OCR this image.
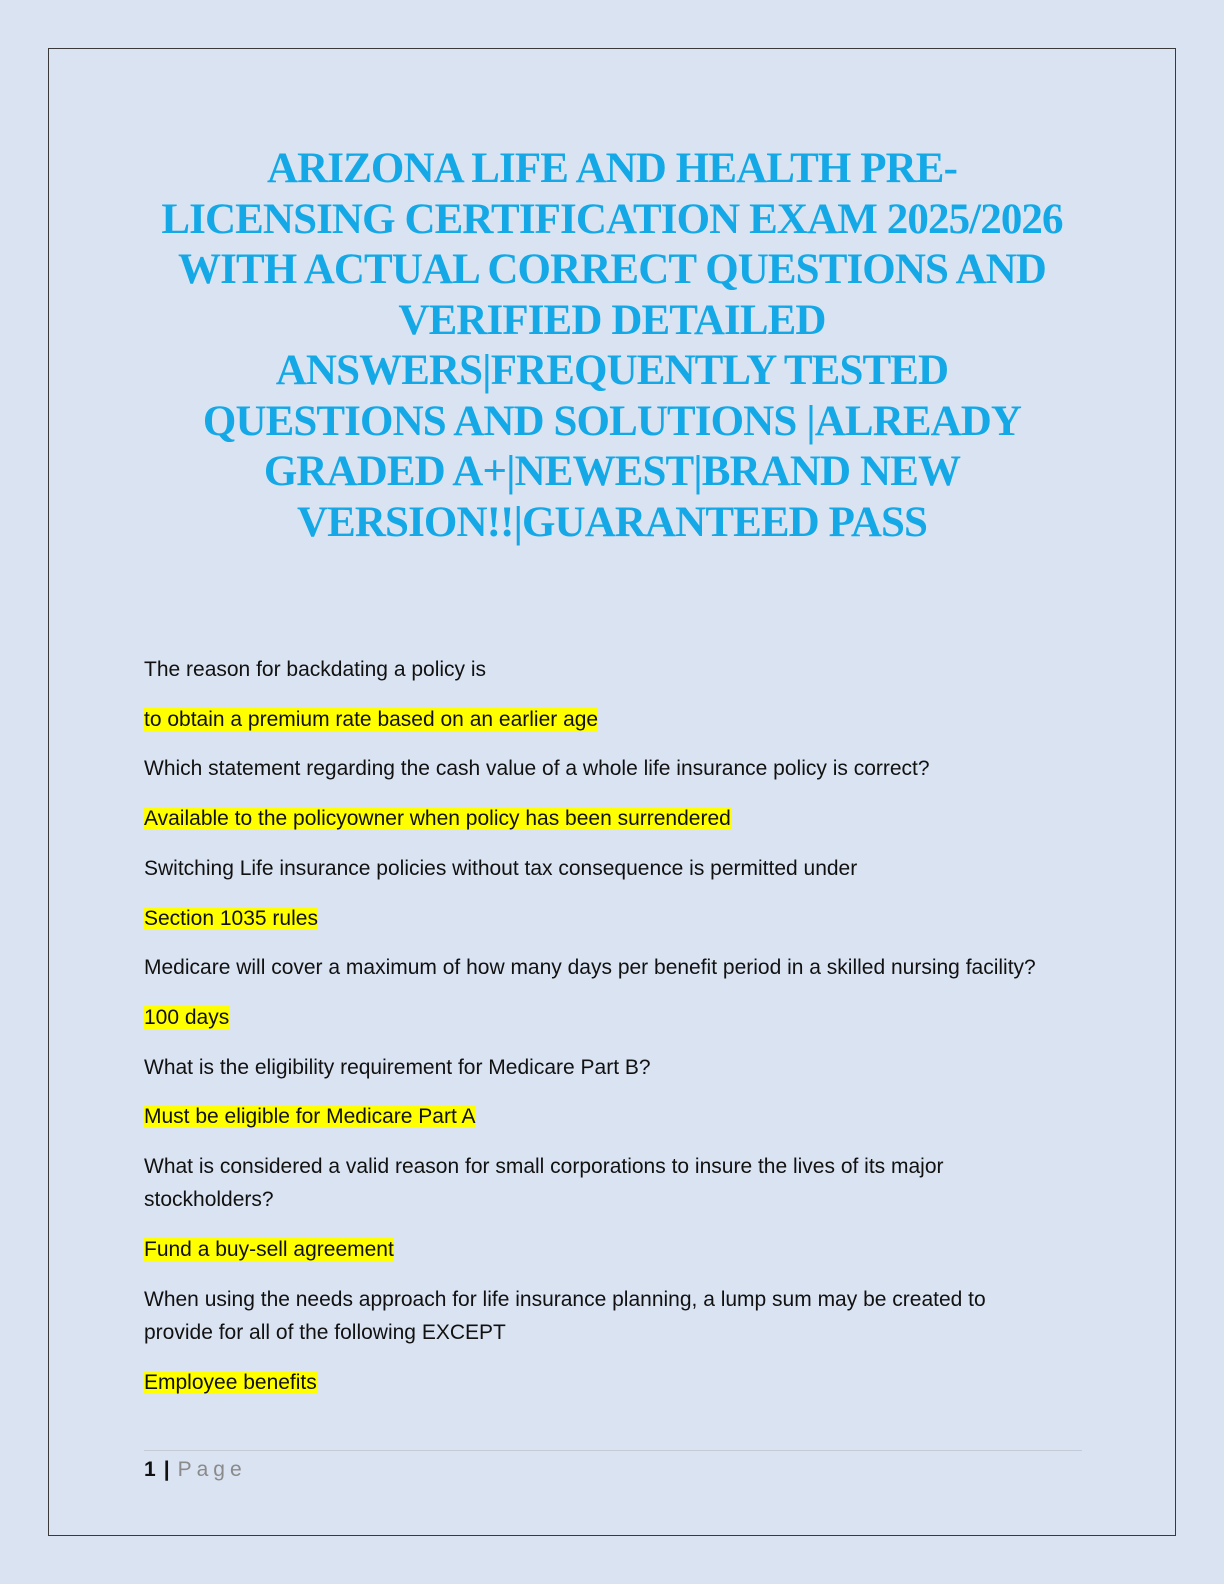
ARIZONA LIFE AND HEALTH PRE-
LICENSING CERTIFICATION EXAM 2025/2026
WITH ACTUAL CORRECT QUESTIONS AND
VERIFIED DETAILED
ANSWERS|FREQUENTLY TESTED
QUESTIONS AND SOLUTIONS |ALREADY
GRADED A+|NEWEST|BRAND NEW
VERSION!!|GUARANTEED PASS

The reason for backdating a policy is

to obtain a premium rate based on an earlier age

Which statement regarding the cash value of a whole life insurance policy is correct?

Available to the policyowner when policy has been surrendered

Switching Life insurance policies without tax consequence is permitted under

Section 1035 rules

Medicare will cover a maximum of how many days per benefit period in a skilled nursing facility?

100 days

What is the eligibility requirement for Medicare Part B?

Must be eligible for Medicare Part A

What is considered a valid reason for small corporations to insure the lives of its major stockholders?

Fund a buy-sell agreement

When using the needs approach for life insurance planning, a lump sum may be created to provide for all of the following EXCEPT

Employee benefits

1 | Page
